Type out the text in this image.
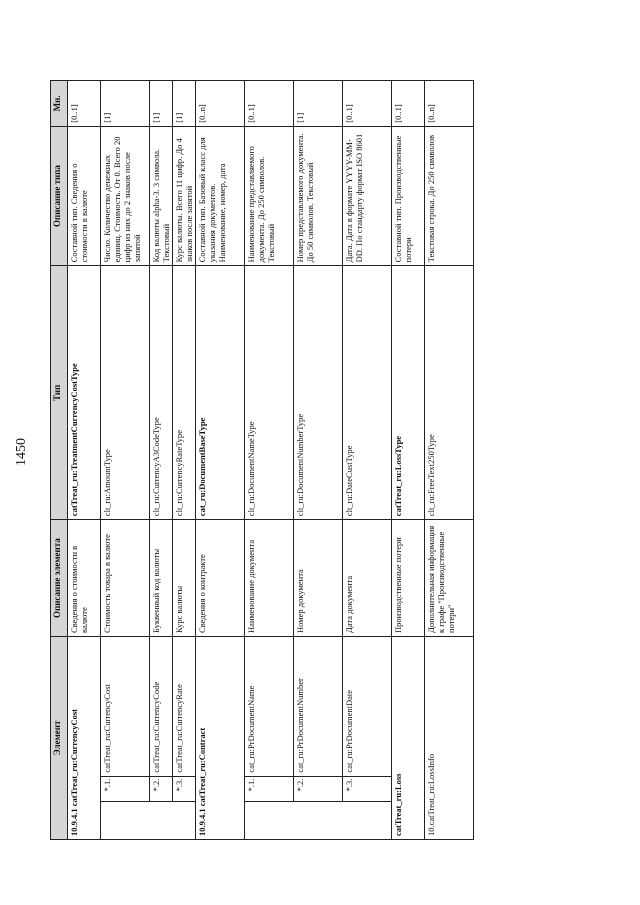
1450
Элемент			Описание элемента	Тип	Описание типа	Мн.
10.9.4.1 catTreat_ru:CurrencyCost			Сведения о стоимости в валюте	catTreat_ru:TreatmentCurrencyCostType	Составной тип. Сведения о стоимости в валюте	[0..1]
	*.1.	catTreat_ru:CurrencyCost	Стоимость товара в валюте	clt_ru:AmountType	Число. Количество денежных единиц. Стоимость. От 0. Всего 20 цифр из них до 2 знаков после запятой	[1]
	*.2.	catTreat_ru:CurrencyCode	Буквенный код валюты	clt_ru:CurrencyA3CodeType	Код валюты alpha-3. 3 символа. Текстовый	[1]
	*.3.	catTreat_ru:CurrencyRate	Курс валюты	clt_ru:CurrencyRateType	Курс валюты. Всего 11 цифр. До 4 знаков после запятой	[1]
10.9.4.1 catTreat_ru:Contract			Сведения о контракте	cat_ru:DocumentBaseType	Составной тип. Базовый класс для указания документов. Наименование, номер, дата	[0..n]
	*.1.	cat_ru:PrDocumentName	Наименование документа	clt_ru:DocumentNameType	Наименование представляемого документа. До 250 символов. Текстовый	[0..1]
	*.2.	cat_ru:PrDocumentNumber	Номер документа	clt_ru:DocumentNumberType	Номер представляемого документа. До 50 символов. Текстовый	[1]
	*.3.	cat_ru:PrDocumentDate	Дата документа	clt_ru:DateCustType	Дата. Дата в формате YYYY-MM-DD. По стандарту формат ISO 8601	[0..1]
catTreat_ru:Loss			Производственные потери	catTreat_ru:LossType	Составной тип. Производственные потери	[0..1]
10.catTreat_ru:LossInfo			Дополнительная информация к графе "Производственные потери"	clt_ru:FreeText250Type	Текстовая строка. До 250 символов	[0..n]
